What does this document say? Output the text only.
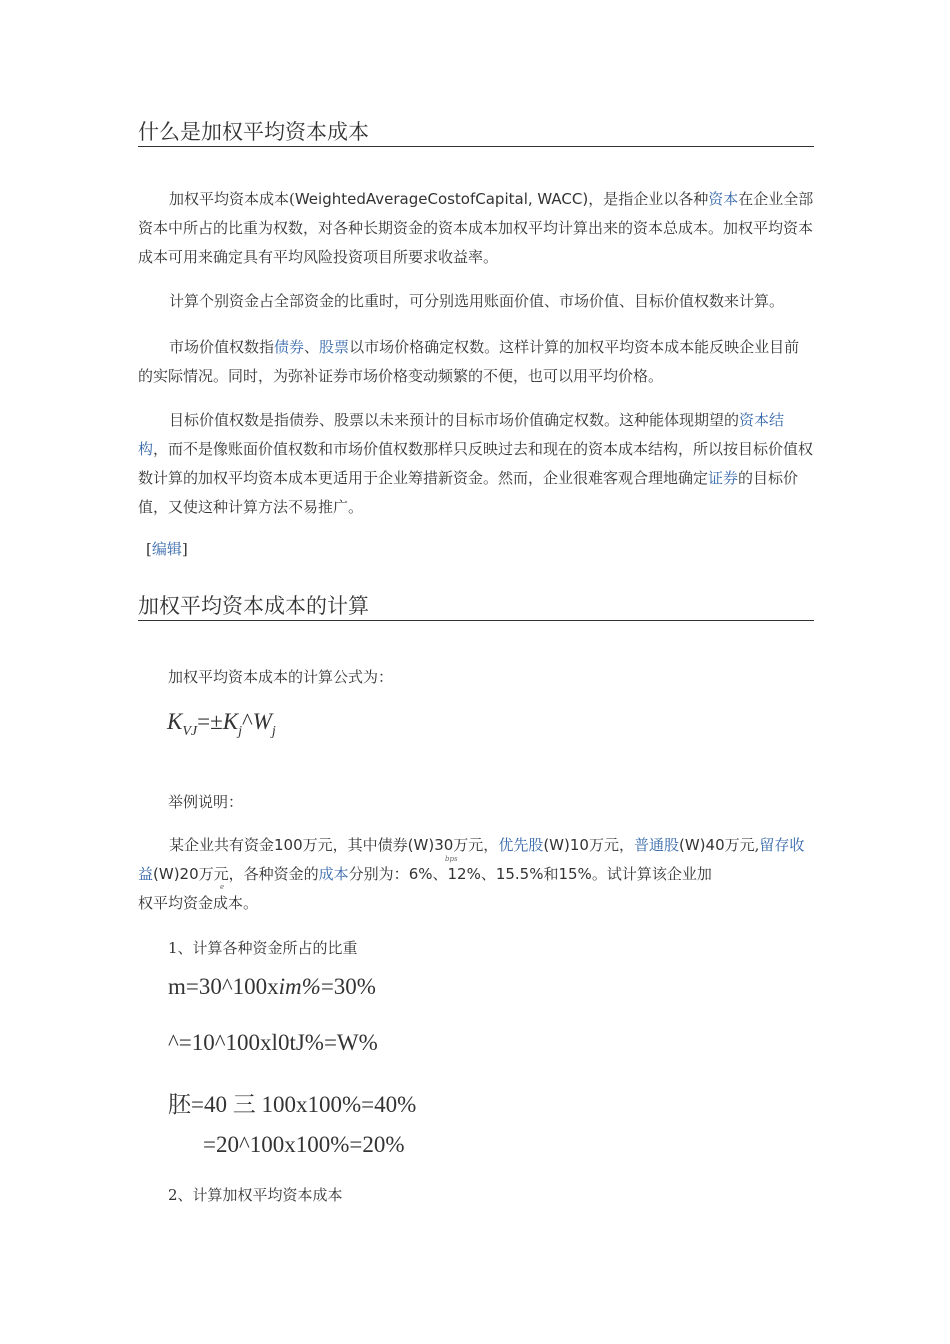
什么是加权平均资本成本
加权平均资本成本(WeightedAverageCostofCapital, WACC)，是指企业以各种资本在企业全部资本中所占的比重为权数，对各种长期资金的资本成本加权平均计算出来的资本总成本。加权平均资本成本可用来确定具有平均风险投资项目所要求收益率。
计算个别资金占全部资金的比重时，可分别选用账面价值、市场价值、目标价值权数来计算。
市场价值权数指债券、股票以市场价格确定权数。这样计算的加权平均资本成本能反映企业目前的实际情况。同时，为弥补证券市场价格变动频繁的不便，也可以用平均价格。
目标价值权数是指债券、股票以未来预计的目标市场价值确定权数。这种能体现期望的资本结构，而不是像账面价值权数和市场价值权数那样只反映过去和现在的资本成本结构，所以按目标价值权数计算的加权平均资本成本更适用于企业筹措新资金。然而，企业很难客观合理地确定证券的目标价值，又使这种计算方法不易推广。
[编辑]
加权平均资本成本的计算
加权平均资本成本的计算公式为：
$K_{VJ}=\pm K_j\^{}W_j$
举例说明：
某企业共有资金100万元，其中债券(W)30万元，优先股(W)10万元，普通股(W)40万元,留存收益(W)20万元，各种资金的成本分别为：6%、12%、15.5%和15%。试计算该企业加
权平均资金成本。
bps
e
1、计算各种资金所占的比重
m=30^100xim%=30%
^=10^100xl0tJ%=W%
胚=40 三 100x100%=40%
=20^100x100%=20%
2、计算加权平均资本成本
